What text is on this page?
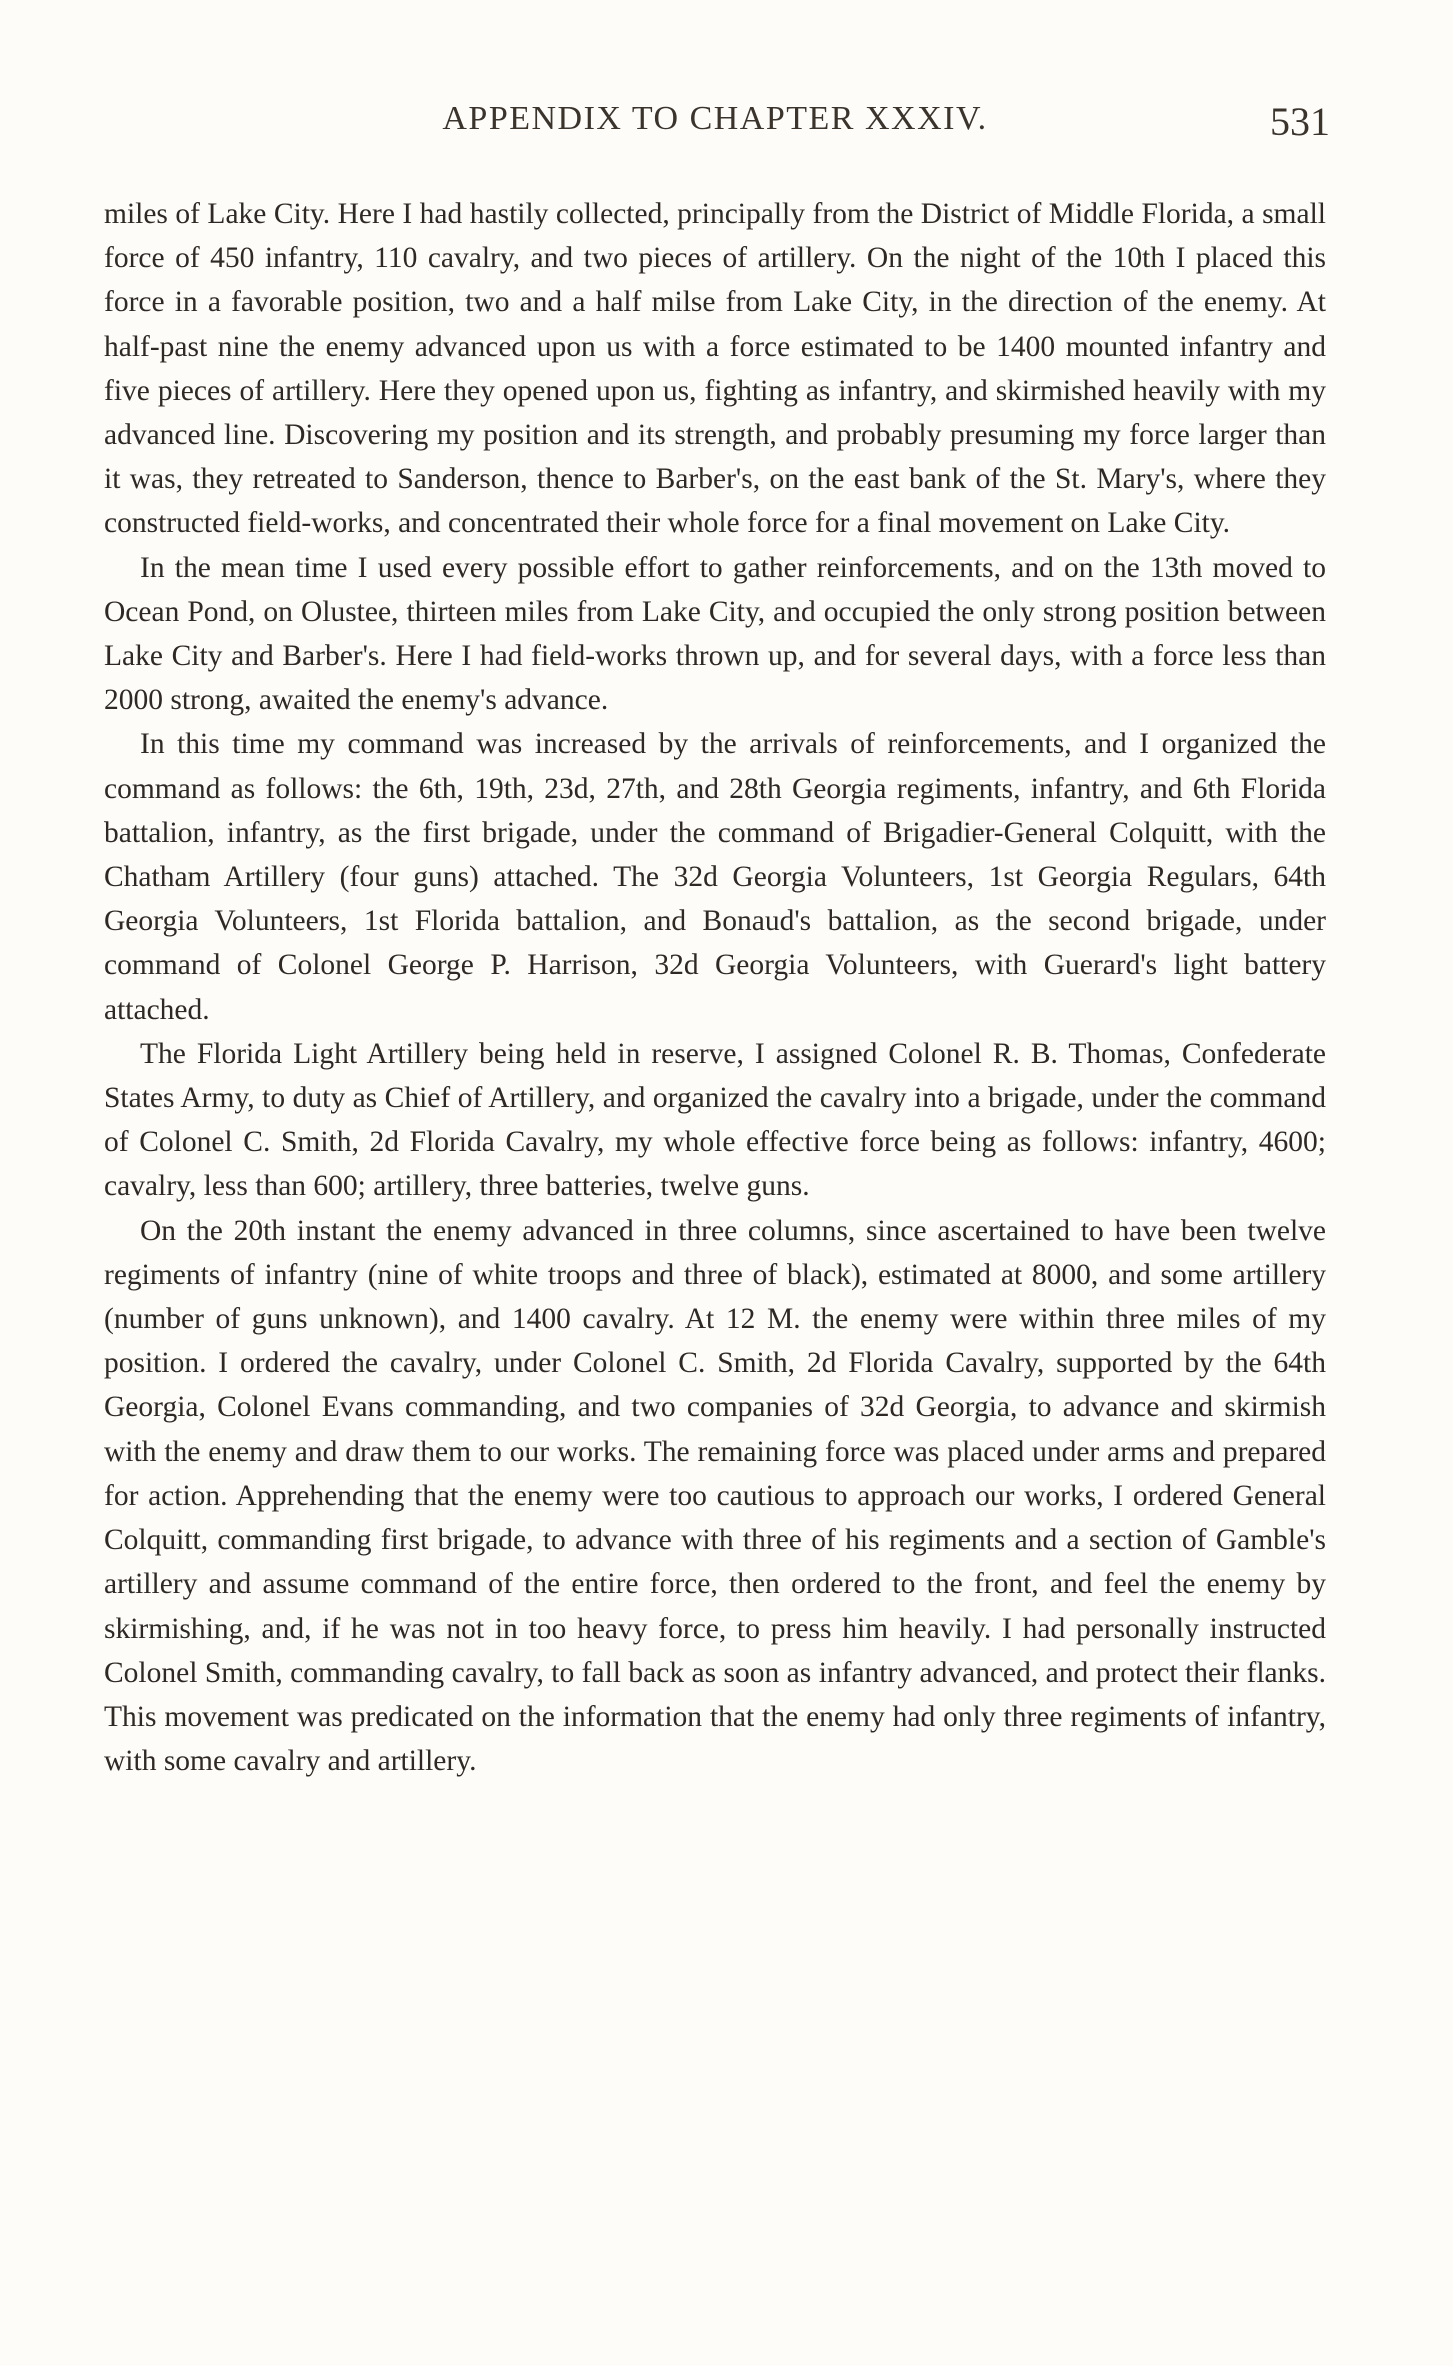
APPENDIX TO CHAPTER XXXIV.	531

miles of Lake City. Here I had hastily collected, principally from the District of Middle Florida, a small force of 450 infantry, 110 cavalry, and two pieces of artillery. On the night of the 10th I placed this force in a favorable position, two and a half milse from Lake City, in the direction of the enemy. At half-past nine the enemy advanced upon us with a force estimated to be 1400 mounted infantry and five pieces of artillery. Here they opened upon us, fighting as infantry, and skirmished heavily with my advanced line. Discovering my position and its strength, and probably presuming my force larger than it was, they retreated to Sanderson, thence to Barber's, on the east bank of the St. Mary's, where they constructed field-works, and concentrated their whole force for a final movement on Lake City.

In the mean time I used every possible effort to gather reinforcements, and on the 13th moved to Ocean Pond, on Olustee, thirteen miles from Lake City, and occupied the only strong position between Lake City and Barber's. Here I had field-works thrown up, and for several days, with a force less than 2000 strong, awaited the enemy's advance.

In this time my command was increased by the arrivals of reinforcements, and I organized the command as follows: the 6th, 19th, 23d, 27th, and 28th Georgia regiments, infantry, and 6th Florida battalion, infantry, as the first brigade, under the command of Brigadier-General Colquitt, with the Chatham Artillery (four guns) attached. The 32d Georgia Volunteers, 1st Georgia Regulars, 64th Georgia Volunteers, 1st Florida battalion, and Bonaud's battalion, as the second brigade, under command of Colonel George P. Harrison, 32d Georgia Volunteers, with Guerard's light battery attached.

The Florida Light Artillery being held in reserve, I assigned Colonel R. B. Thomas, Confederate States Army, to duty as Chief of Artillery, and organized the cavalry into a brigade, under the command of Colonel C. Smith, 2d Florida Cavalry, my whole effective force being as follows: infantry, 4600; cavalry, less than 600; artillery, three batteries, twelve guns.

On the 20th instant the enemy advanced in three columns, since ascertained to have been twelve regiments of infantry (nine of white troops and three of black), estimated at 8000, and some artillery (number of guns unknown), and 1400 cavalry. At 12 M. the enemy were within three miles of my position. I ordered the cavalry, under Colonel C. Smith, 2d Florida Cavalry, supported by the 64th Georgia, Colonel Evans commanding, and two companies of 32d Georgia, to advance and skirmish with the enemy and draw them to our works. The remaining force was placed under arms and prepared for action. Apprehending that the enemy were too cautious to approach our works, I ordered General Colquitt, commanding first brigade, to advance with three of his regiments and a section of Gamble's artillery and assume command of the entire force, then ordered to the front, and feel the enemy by skirmishing, and, if he was not in too heavy force, to press him heavily. I had personally instructed Colonel Smith, commanding cavalry, to fall back as soon as infantry advanced, and protect their flanks. This movement was predicated on the information that the enemy had only three regiments of infantry, with some cavalry and artillery.
